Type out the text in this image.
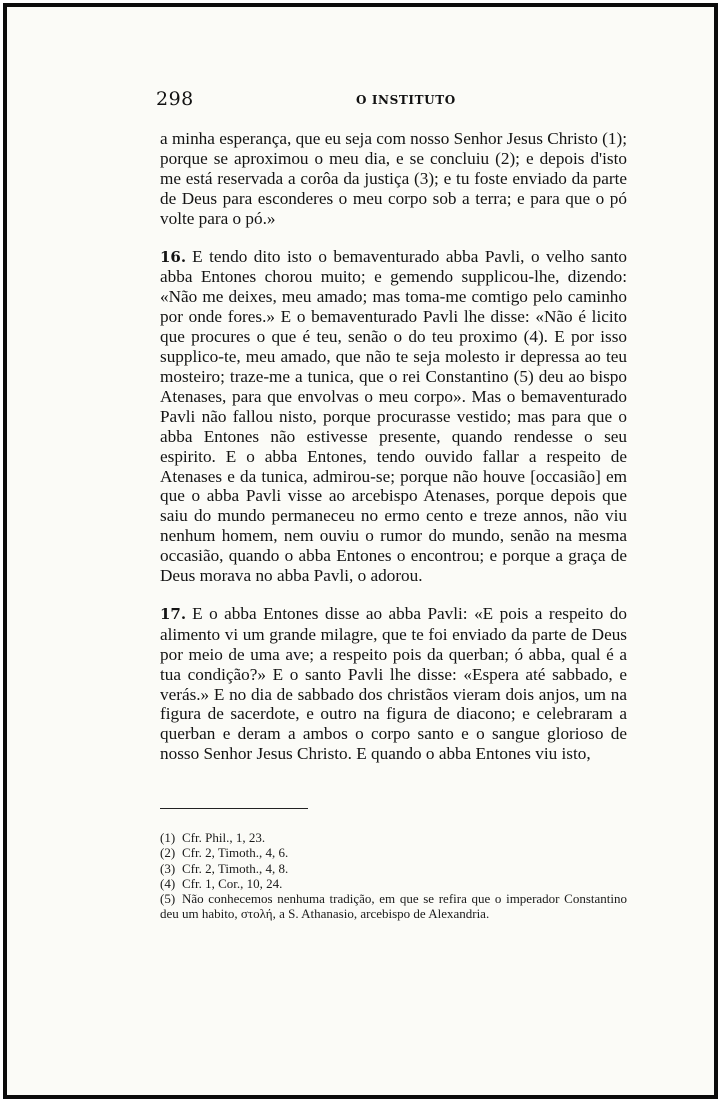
298	O INSTITUTO

a minha esperança, que eu seja com nosso Senhor Jesus Christo (1); porque se aproximou o meu dia, e se concluiu (2); e depois d'isto me está reservada a corôa da justiça (3); e tu foste enviado da parte de Deus para esconderes o meu corpo sob a terra; e para que o pó volte para o pó.»

16. E tendo dito isto o bemaventurado abba Pavli, o velho santo abba Entones chorou muito; e gemendo supplicou-lhe, dizendo: «Não me deixes, meu amado; mas toma-me comtigo pelo caminho por onde fores.» E o bemaventurado Pavli lhe disse: «Não é licito que procures o que é teu, senão o do teu proximo (4). E por isso supplico-te, meu amado, que não te seja molesto ir depressa ao teu mosteiro; traze-me a tunica, que o rei Constantino (5) deu ao bispo Atenases, para que envolvas o meu corpo». Mas o bemaventurado Pavli não fallou nisto, porque procurasse vestido; mas para que o abba Entones não estivesse presente, quando rendesse o seu espirito. E o abba Entones, tendo ouvido fallar a respeito de Atenases e da tunica, admirou-se; porque não houve [occasião] em que o abba Pavli visse ao arcebispo Atenases, porque depois que saiu do mundo permaneceu no ermo cento e treze annos, não viu nenhum homem, nem ouviu o rumor do mundo, senão na mesma occasião, quando o abba Entones o encontrou; e porque a graça de Deus morava no abba Pavli, o adorou.

17. E o abba Entones disse ao abba Pavli: «E pois a respeito do alimento vi um grande milagre, que te foi enviado da parte de Deus por meio de uma ave; a respeito pois da querban; ó abba, qual é a tua condição?» E o santo Pavli lhe disse: «Espera até sabbado, e verás.» E no dia de sabbado dos christãos vieram dois anjos, um na figura de sacerdote, e outro na figura de diacono; e celebraram a querban e deram a ambos o corpo santo e o sangue glorioso de nosso Senhor Jesus Christo. E quando o abba Entones viu isto,

(1) Cfr. Phil., 1, 23.

(2) Cfr. 2, Timoth., 4, 6.

(3) Cfr. 2, Timoth., 4, 8.

(4) Cfr. 1, Cor., 10, 24.

(5) Não conhecemos nenhuma tradição, em que se refira que o imperador Constantino deu um habito, στολή, a S. Athanasio, arcebispo de Alexandria.
